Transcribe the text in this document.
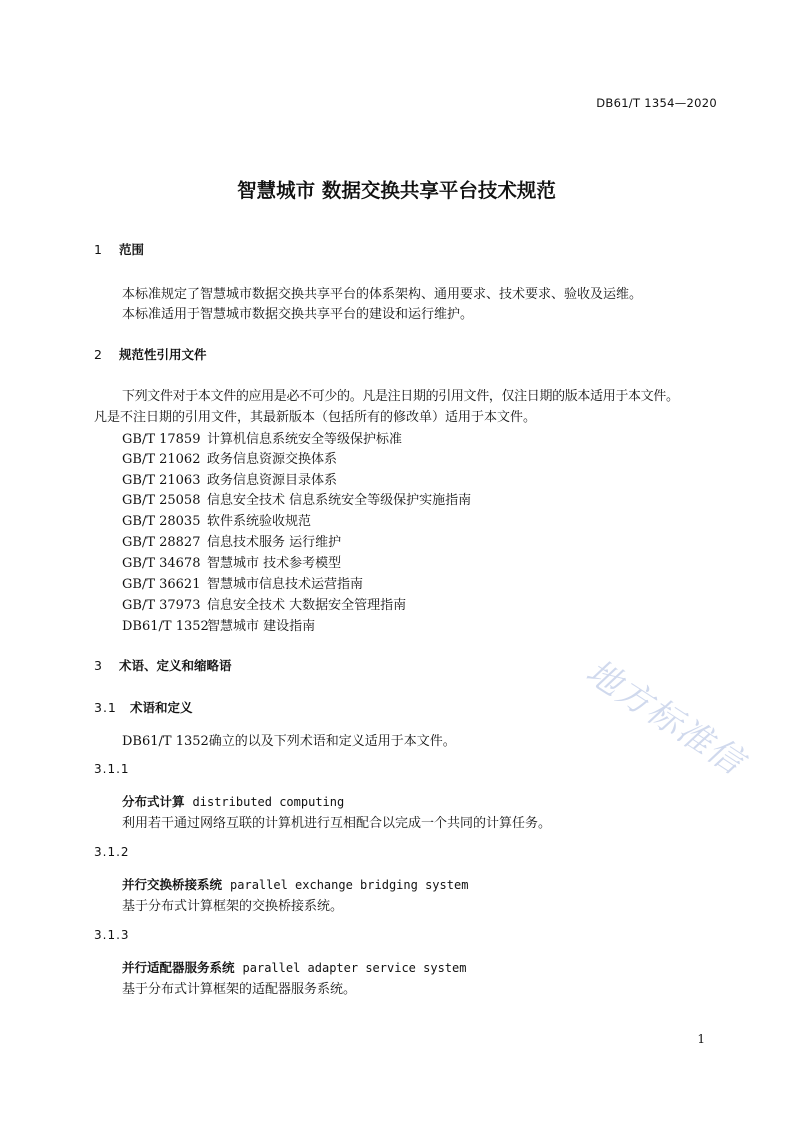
DB61/T 1354—2020
智慧城市 数据交换共享平台技术规范
1 范围
本标准规定了智慧城市数据交换共享平台的体系架构、通用要求、技术要求、验收及运维。
本标准适用于智慧城市数据交换共享平台的建设和运行维护。
2 规范性引用文件
下列文件对于本文件的应用是必不可少的。凡是注日期的引用文件，仅注日期的版本适用于本文件。
凡是不注日期的引用文件，其最新版本（包括所有的修改单）适用于本文件。
GB/T 17859 计算机信息系统安全等级保护标准
GB/T 21062 政务信息资源交换体系
GB/T 21063 政务信息资源目录体系
GB/T 25058 信息安全技术 信息系统安全等级保护实施指南
GB/T 28035 软件系统验收规范
GB/T 28827 信息技术服务 运行维护
GB/T 34678 智慧城市 技术参考模型
GB/T 36621 智慧城市信息技术运营指南
GB/T 37973 信息安全技术 大数据安全管理指南
DB61/T 1352智慧城市 建设指南
3 术语、定义和缩略语
3.1 术语和定义
DB61/T 1352确立的以及下列术语和定义适用于本文件。
3.1.1
分布式计算 distributed computing
利用若干通过网络互联的计算机进行互相配合以完成一个共同的计算任务。
3.1.2
并行交换桥接系统 parallel exchange bridging system
基于分布式计算框架的交换桥接系统。
3.1.3
并行适配器服务系统 parallel adapter service system
基于分布式计算框架的适配器服务系统。
地方标准信
1
